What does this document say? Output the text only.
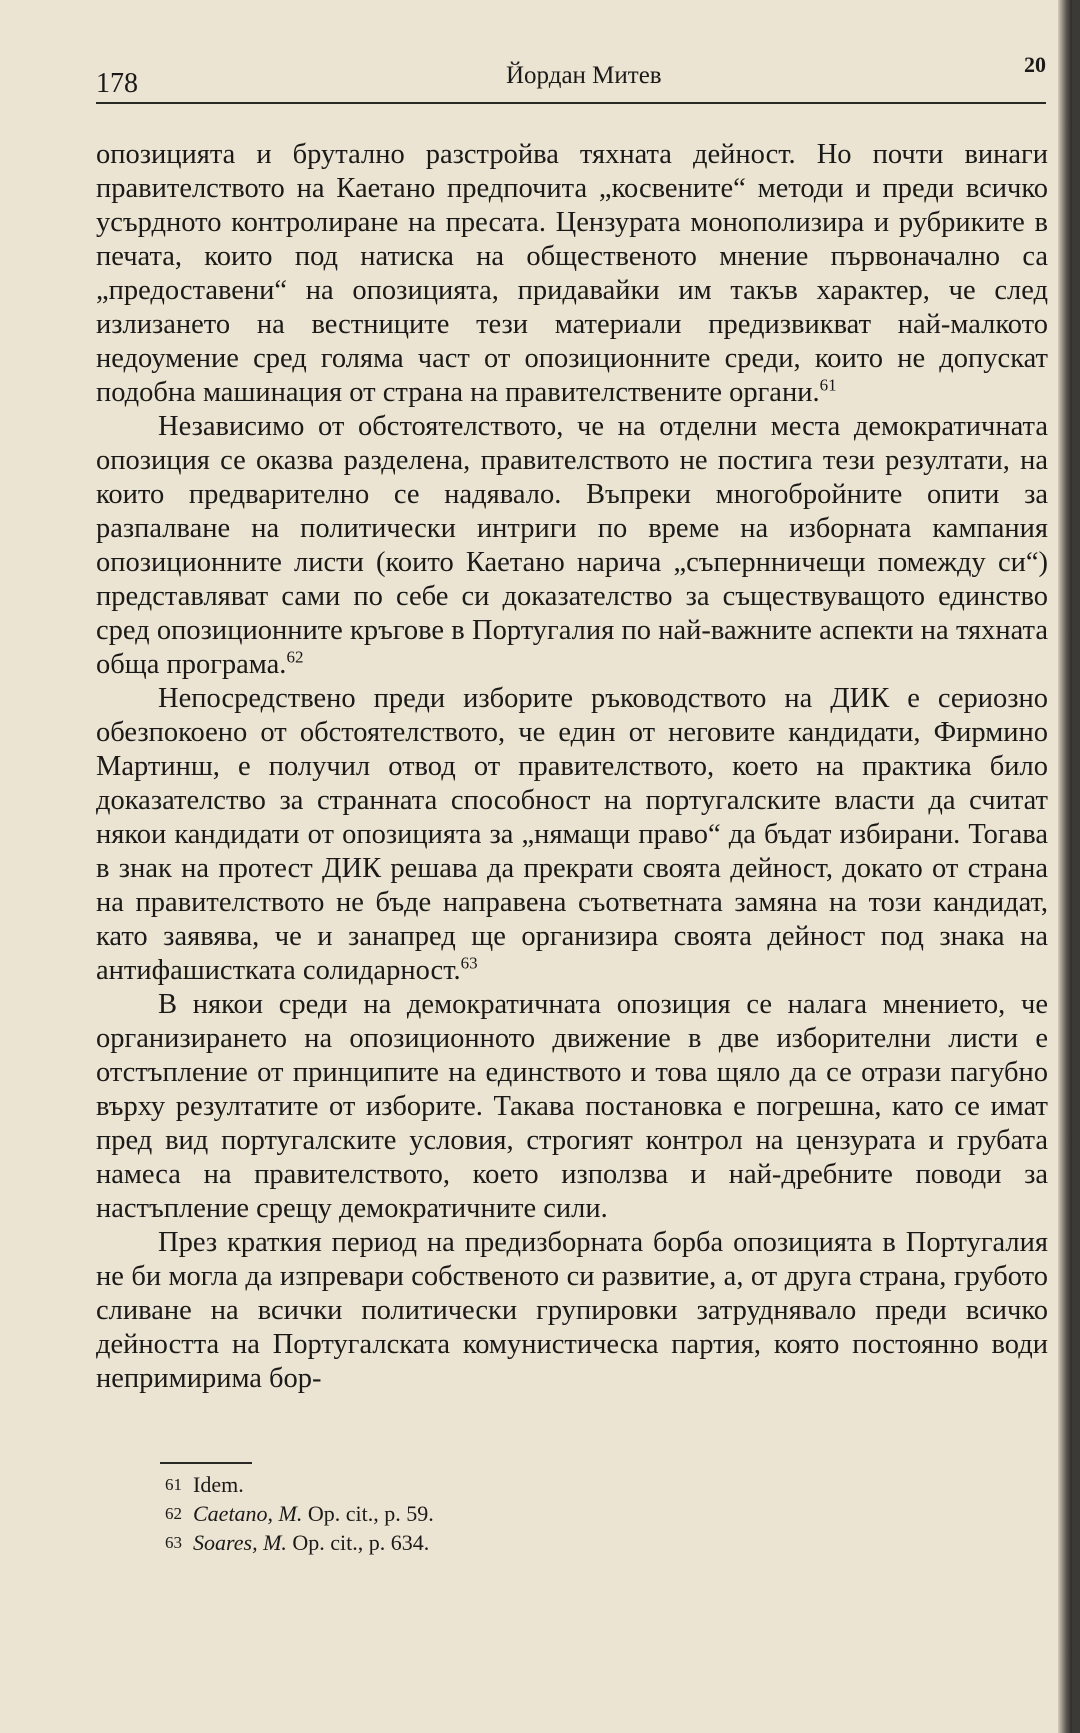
178	Йордан Митев	20

опозицията и брутално разстройва тяхната дейност. Но почти винаги правителството на Каетано предпочита „косвените“ методи и преди всичко усърдното контролиране на пресата. Цензурата монополизира и рубриките в печата, които под натиска на общественото мнение първоначално са „предоставени“ на опозицията, придавайки им такъв характер, че след излизането на вестниците тези материали предизвикват най-малкото недоумение сред голяма част от опозиционните среди, които не допускат подобна машинация от страна на правителствените органи.$^{61}$

Независимо от обстоятелството, че на отделни места демократичната опозиция се оказва разделена, правителството не постига тези резултати, на които предварително се надявало. Въпреки многобройните опити за разпалване на политически интриги по време на изборната кампания опозиционните листи (които Каетано нарича „съпернничещи помежду си“) представляват сами по себе си доказателство за съществуващото единство сред опозиционните кръгове в Португалия по най-важните аспекти на тяхната обща програма.$^{62}$

Непосредствено преди изборите ръководството на ДИК е сериозно обезпокоено от обстоятелството, че един от неговите кандидати, Фирмино Мартинш, е получил отвод от правителството, което на практика било доказателство за странната способност на португалските власти да считат някои кандидати от опозицията за „нямащи право“ да бъдат избирани. Тогава в знак на протест ДИК решава да прекрати своята дейност, докато от страна на правителството не бъде направена съответната замяна на този кандидат, като заявява, че и занапред ще организира своята дейност под знака на антифашистката солидарност.$^{63}$

В някои среди на демократичната опозиция се налага мнението, че организирането на опозиционното движение в две изборителни листи е отстъпление от принципите на единството и това щяло да се отрази пагубно върху резултатите от изборите. Такава постановка е погрешна, като се имат пред вид португалските условия, строгият контрол на цензурата и грубата намеса на правителството, което използва и най-дребните поводи за настъпление срещу демократичните сили.

През краткия период на предизборната борба опозицията в Португалия не би могла да изпревари собственото си развитие, а, от друга страна, грубото сливане на всички политически групировки затруднявало преди всичко дейността на Португалската комунистическа партия, която постоянно води непримирима бор-

61 Idem.
62 Caetano, M. Op. cit., p. 59.
63 Soares, M. Op. cit., p. 634.
